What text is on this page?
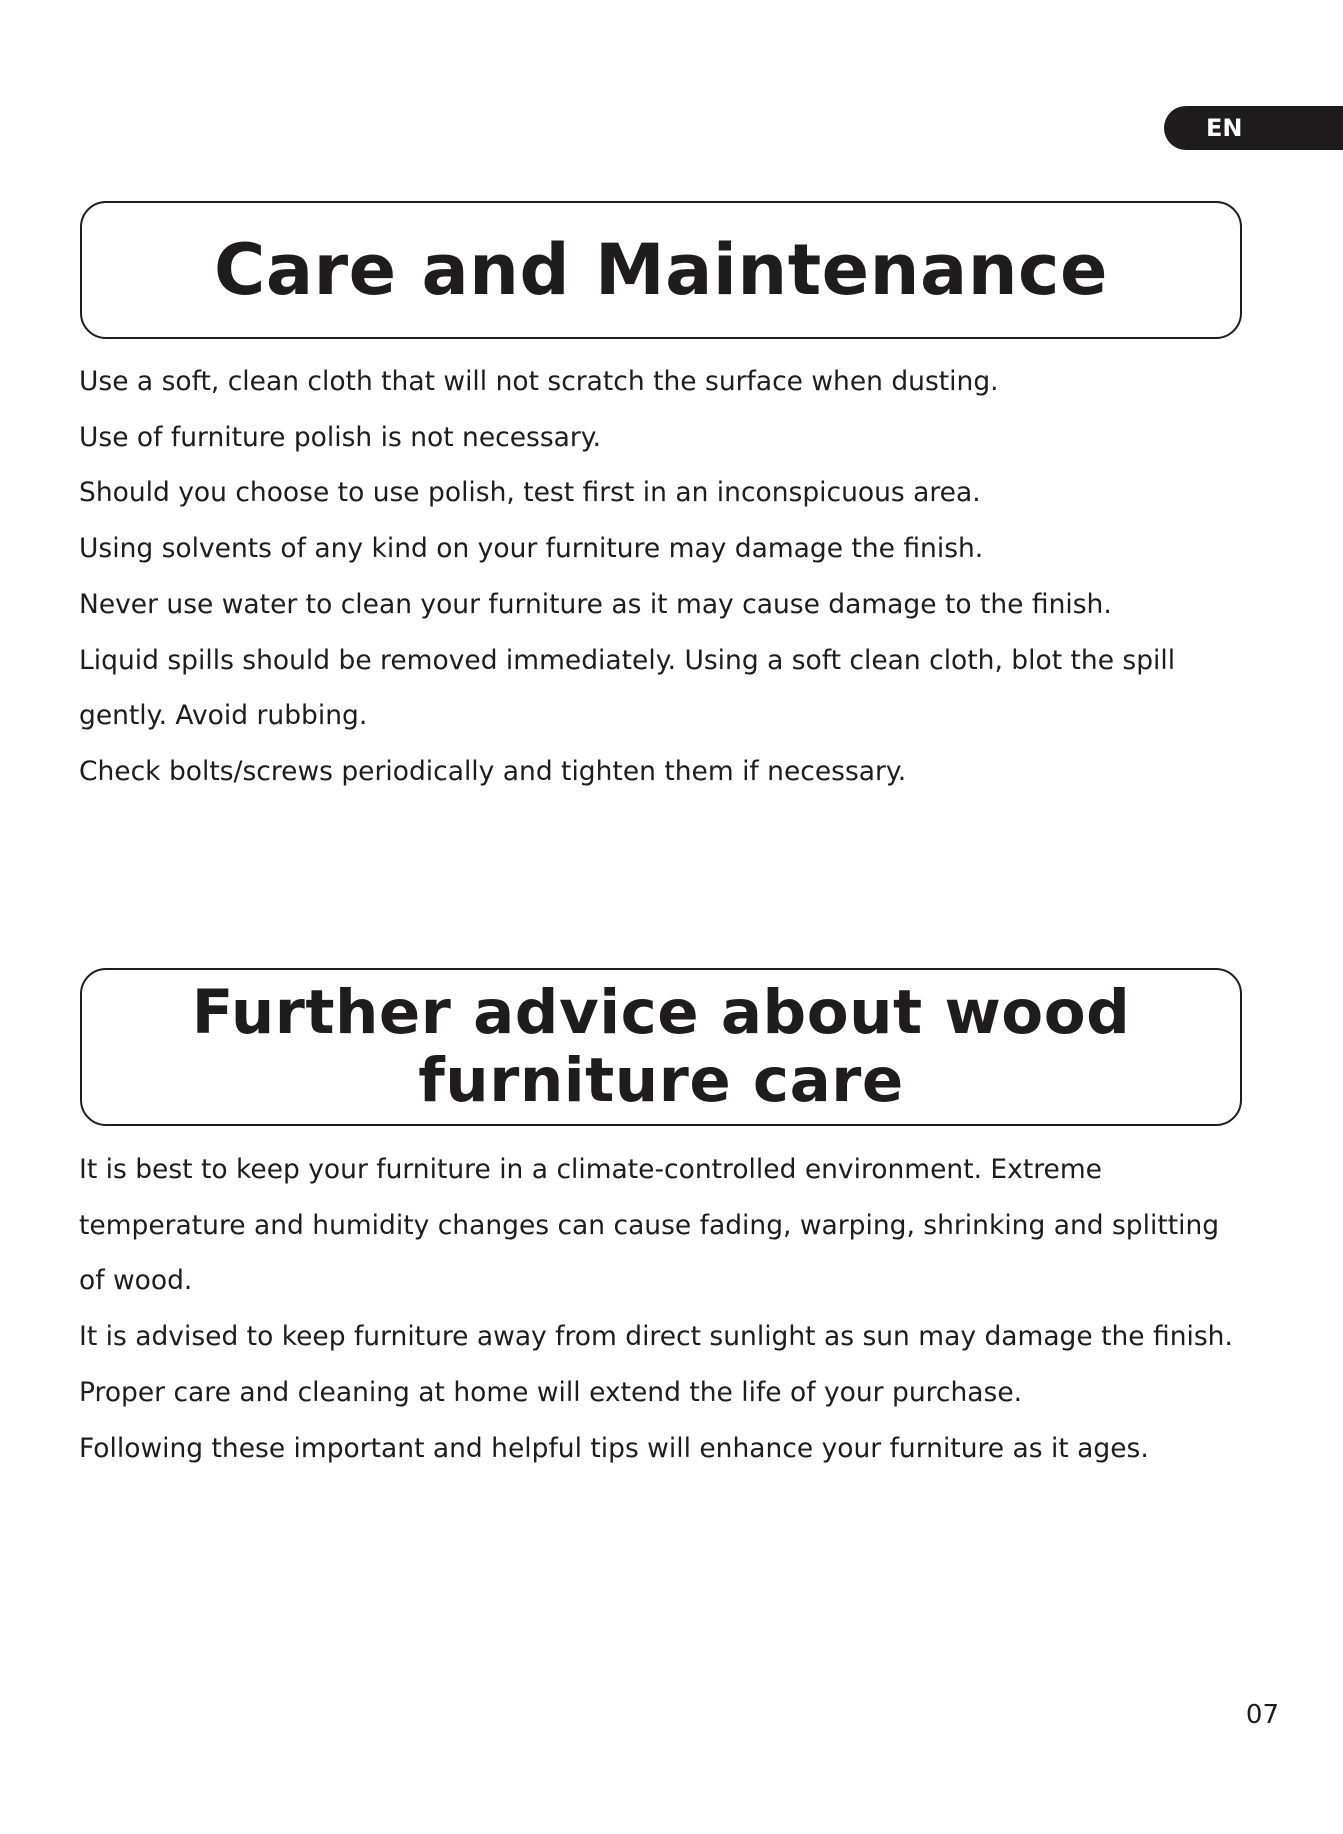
EN
Care and Maintenance

Use a soft, clean cloth that will not scratch the surface when dusting.

Use of furniture polish is not necessary.

Should you choose to use polish, test first in an inconspicuous area.

Using solvents of any kind on your furniture may damage the finish.

Never use water to clean your furniture as it may cause damage to the finish.

Liquid spills should be removed immediately. Using a soft clean cloth, blot the spill gently. Avoid rubbing.

Check bolts/screws periodically and tighten them if necessary.

Further advice about wood
furniture care

It is best to keep your furniture in a climate-controlled environment. Extreme temperature and humidity changes can cause fading, warping, shrinking and splitting of wood.

It is advised to keep furniture away from direct sunlight as sun may damage the finish.

Proper care and cleaning at home will extend the life of your purchase.

Following these important and helpful tips will enhance your furniture as it ages.

07
